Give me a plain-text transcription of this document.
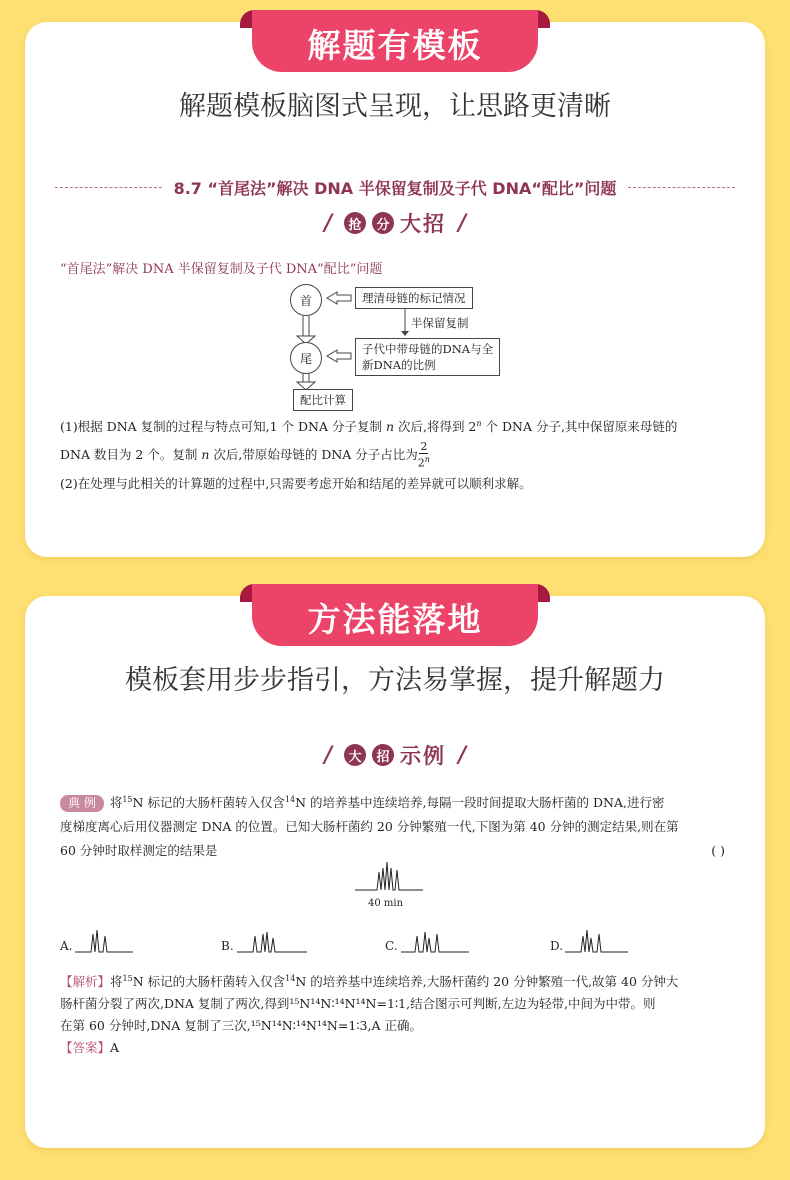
解题有模板
解题模板脑图式呈现，让思路更清晰
8.7 “首尾法”解决 DNA 半保留复制及子代 DNA“配比”问题
/	抢	分 大招 /
“首尾法”解决 DNA 半保留复制及子代 DNA“配比”问题
首
尾
理清母链的标记情况
半保留复制
子代中带母链的DNA与全
新DNA的比例
配比计算
(1)根据 DNA 复制的过程与特点可知,1 个 DNA 分子复制 n 次后,将得到 2$^n$ 个 DNA 分子,其中保留原来母链的
DNA 数目为 2 个。复制 n 次后,带原始母链的 DNA 分子占比为 $\frac{2}{2^n}$
(2)在处理与此相关的计算题的过程中,只需要考虑开始和结尾的差异就可以顺利求解。
方法能落地
模板套用步步指引，方法易掌握，提升解题力
/	大	招 示例 /
典 例 将$^{15}$N 标记的大肠杆菌转入仅含$^{14}$N 的培养基中连续培养,每隔一段时间提取大肠杆菌的 DNA,进行密
度梯度离心后用仪器测定 DNA 的位置。已知大肠杆菌约 20 分钟繁殖一代,下图为第 40 分钟的测定结果,则在第
60 分钟时取样测定的结果是	( )
40 min
A.	B.	C.	D.
【解析】将$^{15}$N 标记的大肠杆菌转入仅含$^{14}$N 的培养基中连续培养,大肠杆菌约 20 分钟繁殖一代,故第 40 分钟大
肠杆菌分裂了两次,DNA 复制了两次,得到¹⁵N¹⁴N∶¹⁴N¹⁴N=1∶1,结合图示可判断,左边为轻带,中间为中带。则
在第 60 分钟时,DNA 复制了三次,¹⁵N¹⁴N∶¹⁴N¹⁴N=1∶3,A 正确。
【答案】A
